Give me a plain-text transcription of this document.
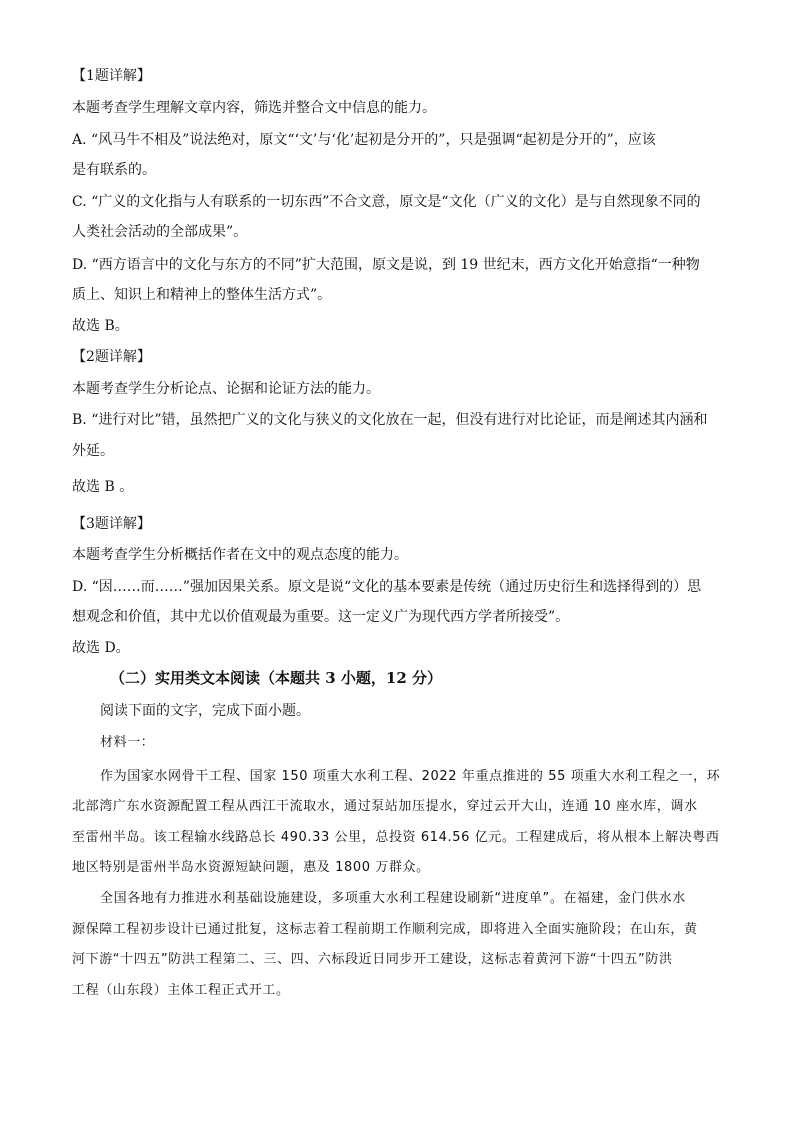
【1题详解】
本题考查学生理解文章内容，筛选并整合文中信息的能力。
A. “风马牛不相及”说法绝对，原文“‘文’与‘化’起初是分开的”，只是强调“起初是分开的”，应该
是有联系的。
C. “广义的文化指与人有联系的一切东西”不合文意，原文是“文化（广义的文化）是与自然现象不同的
人类社会活动的全部成果”。
D. “西方语言中的文化与东方的不同”扩大范围，原文是说，到 19 世纪末，西方文化开始意指“一种物
质上、知识上和精神上的整体生活方式”。
故选 B。
【2题详解】
本题考查学生分析论点、论据和论证方法的能力。
B. “进行对比”错，虽然把广义的文化与狭义的文化放在一起，但没有进行对比论证，而是阐述其内涵和
外延。
故选 B 。
【3题详解】
本题考查学生分析概括作者在文中的观点态度的能力。
D. “因……而……”强加因果关系。原文是说“文化的基本要素是传统（通过历史衍生和选择得到的）思
想观念和价值，其中尤以价值观最为重要。这一定义广为现代西方学者所接受”。
故选 D。
（二）实用类文本阅读（本题共 3 小题，12 分）
阅读下面的文字，完成下面小题。
材料一：
作为国家水网骨干工程、国家 150 项重大水利工程、2022 年重点推进的 55 项重大水利工程之一，环
北部湾广东水资源配置工程从西江干流取水，通过泵站加压提水，穿过云开大山，连通 10 座水库，调水
至雷州半岛。该工程输水线路总长 490.33 公里，总投资 614.56 亿元。工程建成后，将从根本上解决粤西
地区特别是雷州半岛水资源短缺问题，惠及 1800 万群众。
全国各地有力推进水利基础设施建设，多项重大水利工程建设刷新“进度单”。在福建，金门供水水
源保障工程初步设计已通过批复，这标志着工程前期工作顺利完成，即将进入全面实施阶段；在山东，黄
河下游“十四五”防洪工程第二、三、四、六标段近日同步开工建设，这标志着黄河下游“十四五”防洪
工程（山东段）主体工程正式开工。
